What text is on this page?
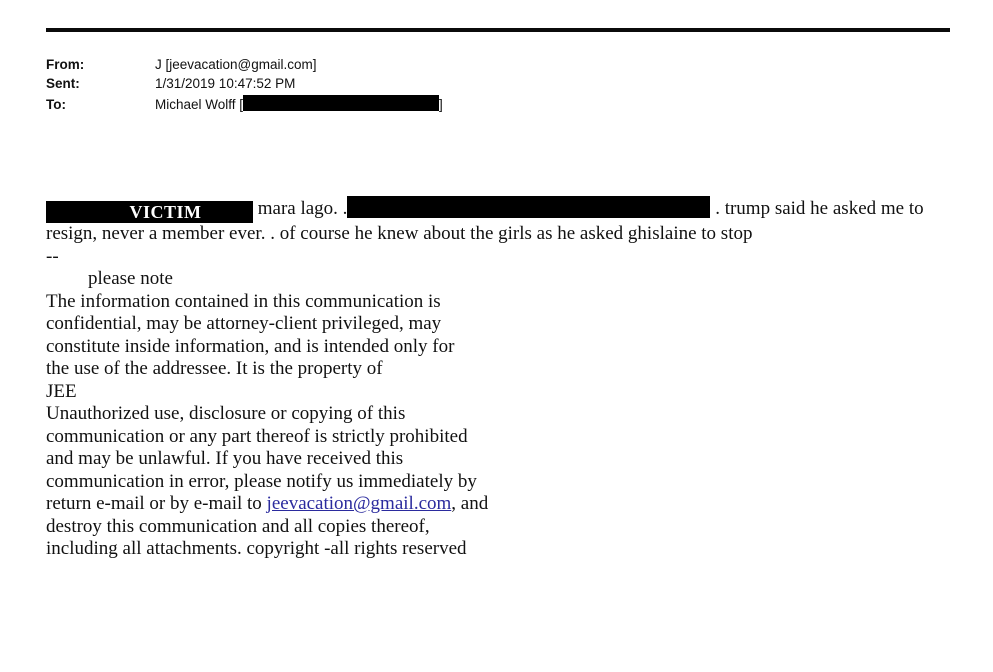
From:	J [jeevacation@gmail.com]
Sent:	1/31/2019 10:47:52 PM
To:	Michael Wolff [	]

VICTIM	mara lago. .	. trump said he asked me to resign, never a member ever. . of course he knew about the girls as he asked ghislaine to stop

--

please note

The information contained in this communication is
confidential, may be attorney-client privileged, may
constitute inside information, and is intended only for
the use of the addressee. It is the property of
JEE
Unauthorized use, disclosure or copying of this
communication or any part thereof is strictly prohibited
and may be unlawful. If you have received this
communication in error, please notify us immediately by
return e-mail or by e-mail to jeevacation@gmail.com, and
destroy this communication and all copies thereof,
including all attachments. copyright -all rights reserved
